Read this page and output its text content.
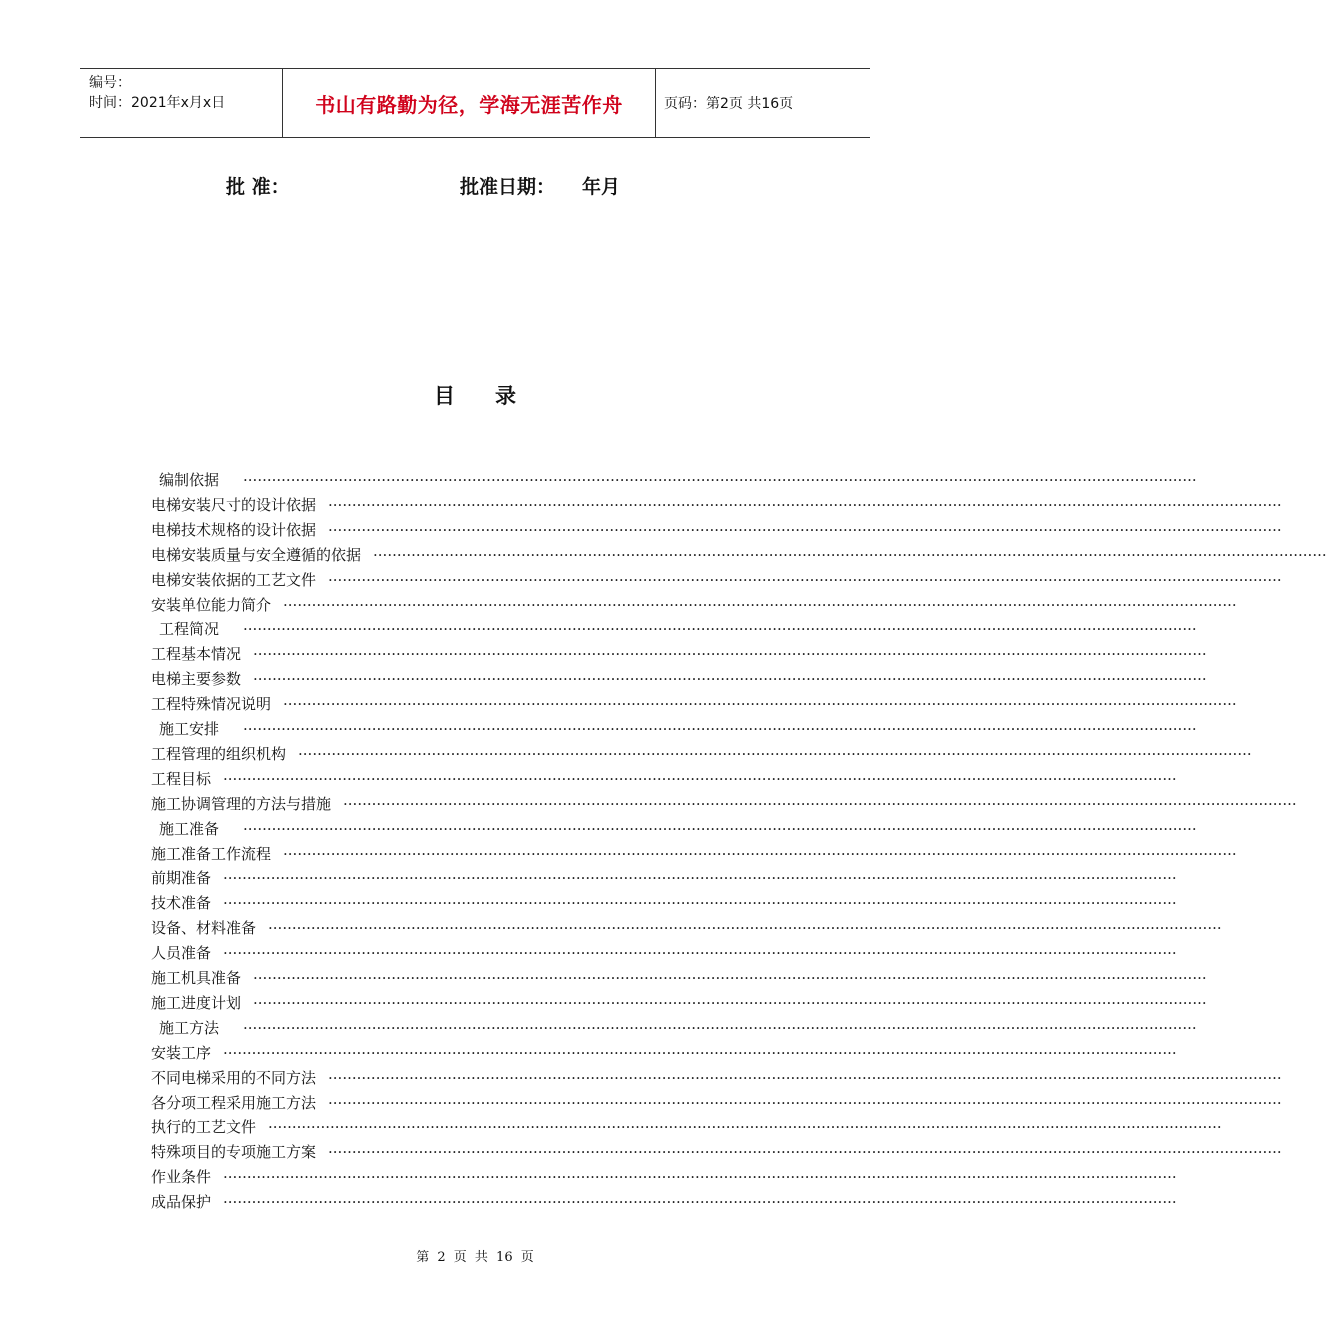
编号：
时间：2021年x月x日	书山有路勤为径，学海无涯苦作舟	页码：第2页 共16页
批 准：	批准日期： 年月
目录
编制依据	········································································································································································································
电梯安装尺寸的设计依据 ········································································································································································································
电梯技术规格的设计依据 ········································································································································································································
电梯安装质量与安全遵循的依据 ········································································································································································································
电梯安装依据的工艺文件 ········································································································································································································
安装单位能力简介 ········································································································································································································
工程简况	········································································································································································································
工程基本情况 ········································································································································································································
电梯主要参数 ········································································································································································································
工程特殊情况说明 ········································································································································································································
施工安排	········································································································································································································
工程管理的组织机构 ········································································································································································································
工程目标 ········································································································································································································
施工协调管理的方法与措施 ········································································································································································································
施工准备	········································································································································································································
施工准备工作流程 ········································································································································································································
前期准备 ········································································································································································································
技术准备 ········································································································································································································
设备、材料准备 ········································································································································································································
人员准备 ········································································································································································································
施工机具准备 ········································································································································································································
施工进度计划 ········································································································································································································
施工方法	········································································································································································································
安装工序 ········································································································································································································
不同电梯采用的不同方法 ········································································································································································································
各分项工程采用施工方法 ········································································································································································································
执行的工艺文件 ········································································································································································································
特殊项目的专项施工方案 ········································································································································································································
作业条件 ········································································································································································································
成品保护 ········································································································································································································
第 2 页 共 16 页
